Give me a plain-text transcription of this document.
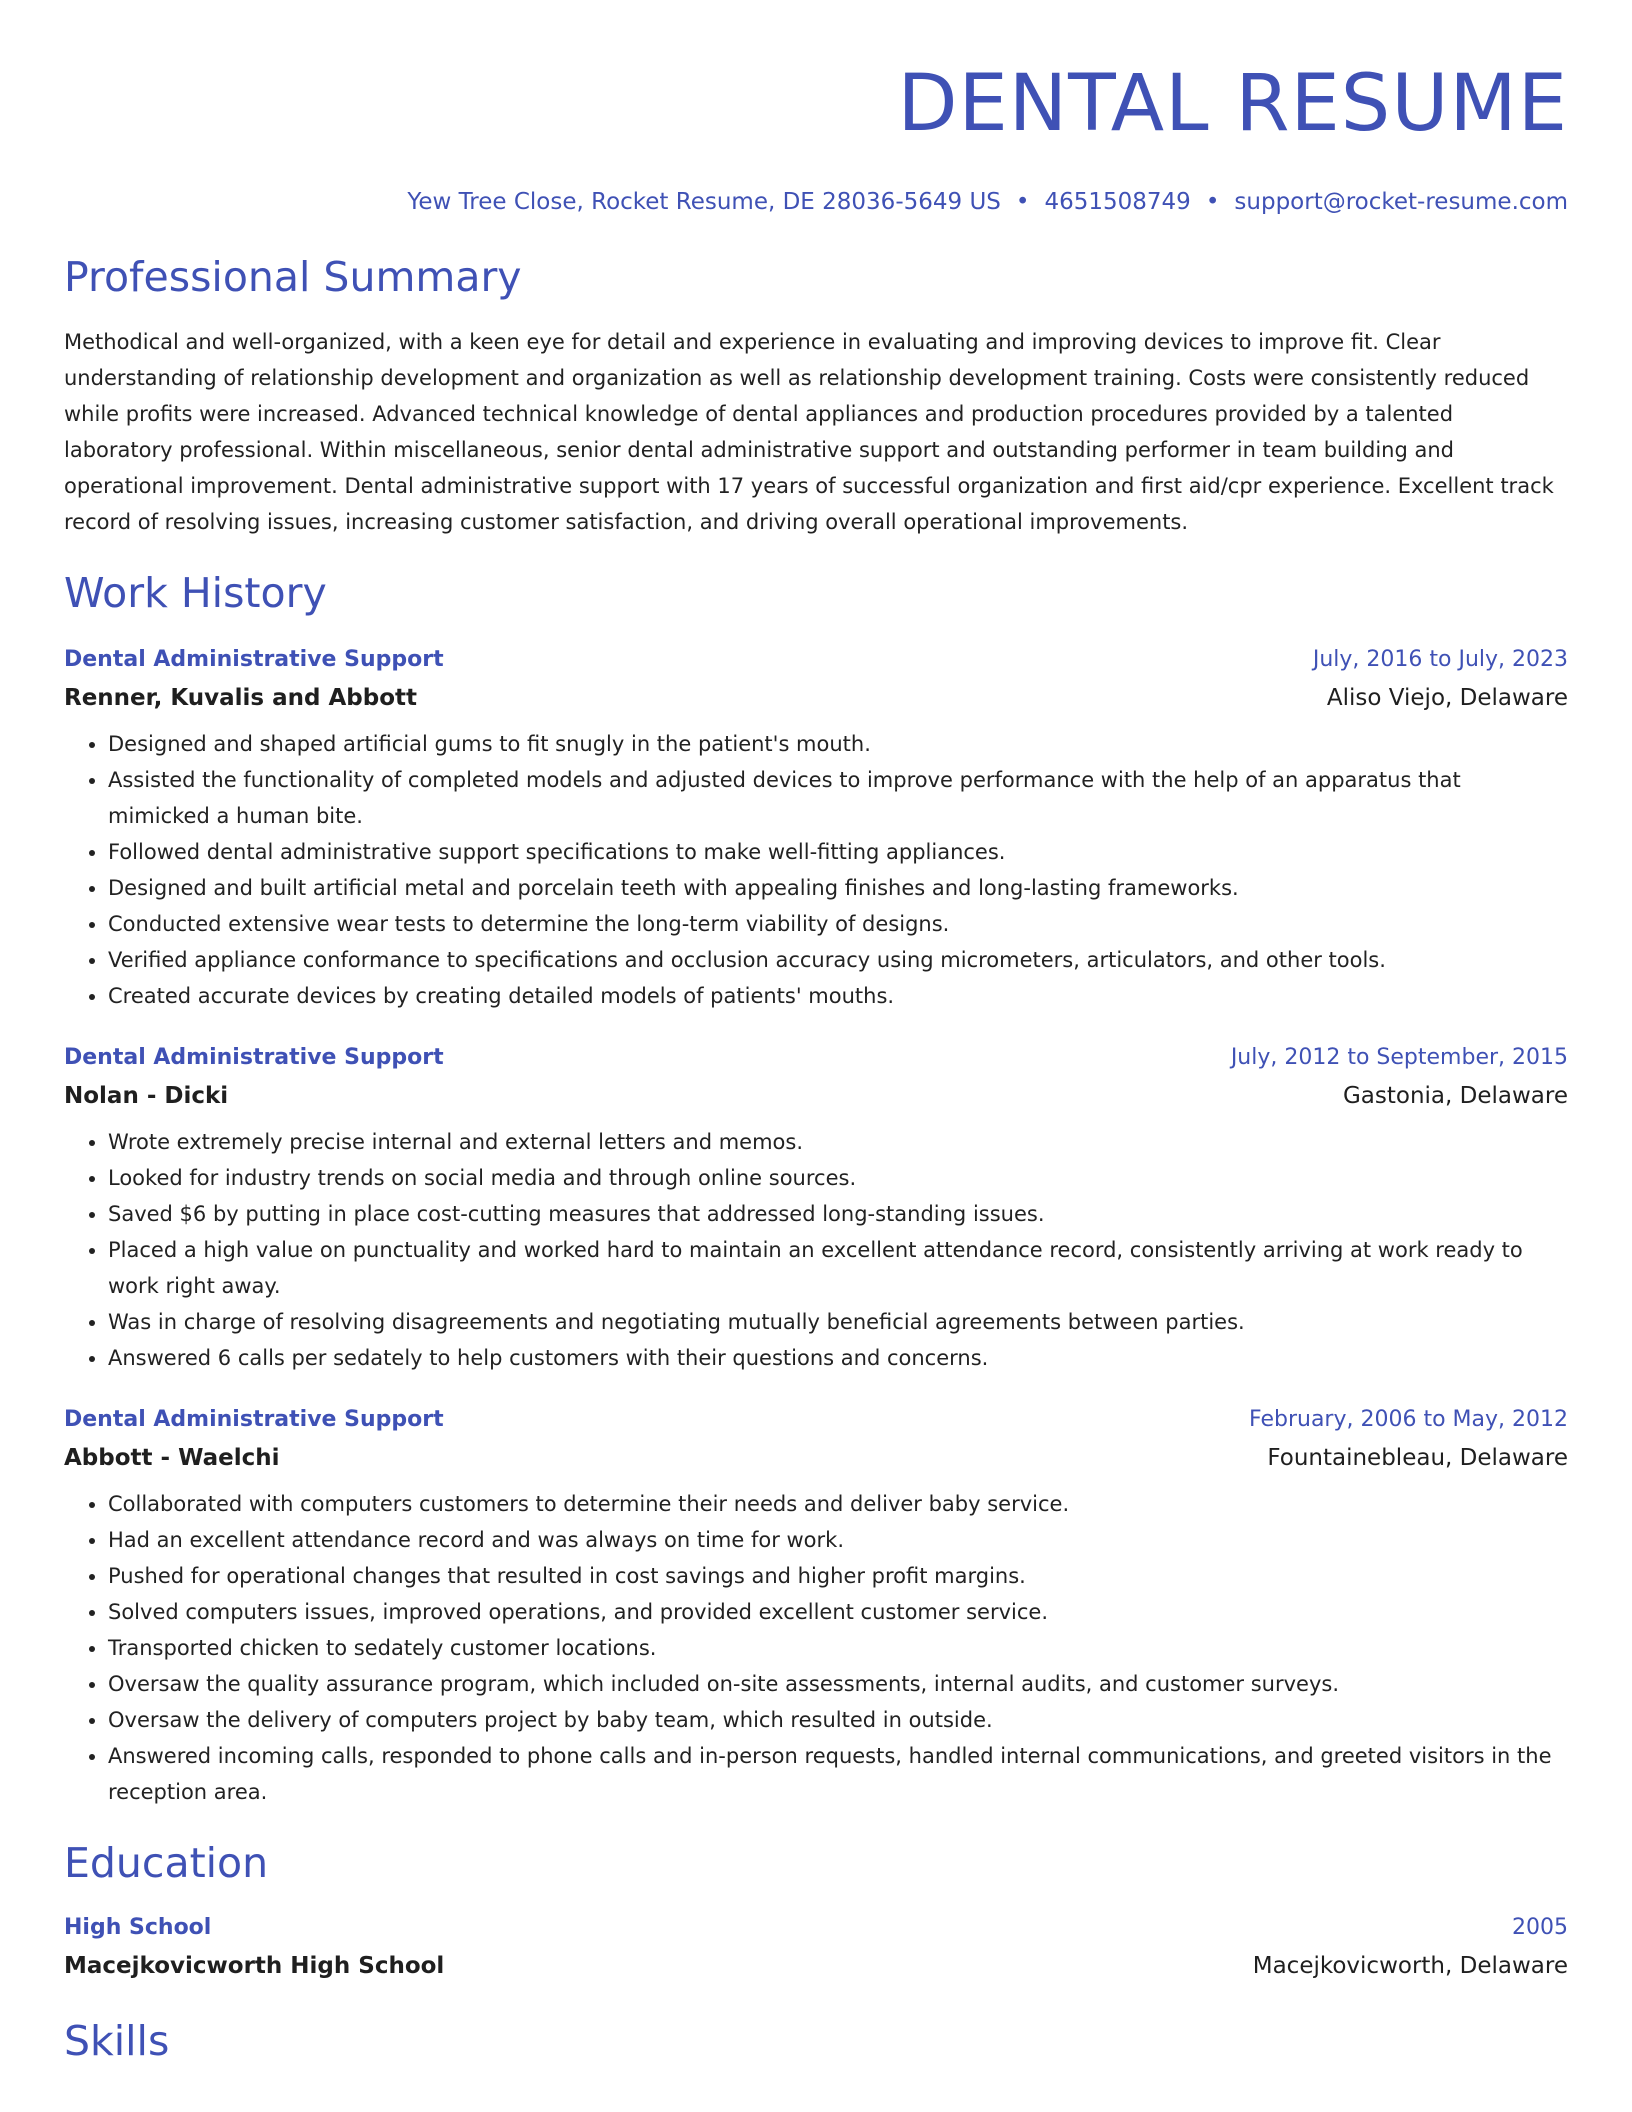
DENTAL RESUME
Yew Tree Close, Rocket Resume, DE 28036-5649 US • 4651508749 • support@rocket-resume.com
Professional Summary

Methodical and well-organized, with a keen eye for detail and experience in evaluating and improving devices to improve fit. Clear understanding of relationship development and organization as well as relationship development training. Costs were consistently reduced while profits were increased. Advanced technical knowledge of dental appliances and production procedures provided by a talented laboratory professional. Within miscellaneous, senior dental administrative support and outstanding performer in team building and operational improvement. Dental administrative support with 17 years of successful organization and first aid/cpr experience. Excellent track record of resolving issues, increasing customer satisfaction, and driving overall operational improvements.

Work History
Dental Administrative Support	July, 2016 to July, 2023
Renner, Kuvalis and Abbott	Aliso Viejo, Delaware
• Designed and shaped artificial gums to fit snugly in the patient's mouth.
• Assisted the functionality of completed models and adjusted devices to improve performance with the help of an apparatus that mimicked a human bite.
• Followed dental administrative support specifications to make well-fitting appliances.
• Designed and built artificial metal and porcelain teeth with appealing finishes and long-lasting frameworks.
• Conducted extensive wear tests to determine the long-term viability of designs.
• Verified appliance conformance to specifications and occlusion accuracy using micrometers, articulators, and other tools.
• Created accurate devices by creating detailed models of patients' mouths.
Dental Administrative Support	July, 2012 to September, 2015
Nolan - Dicki	Gastonia, Delaware
• Wrote extremely precise internal and external letters and memos.
• Looked for industry trends on social media and through online sources.
• Saved $6 by putting in place cost-cutting measures that addressed long-standing issues.
• Placed a high value on punctuality and worked hard to maintain an excellent attendance record, consistently arriving at work ready to work right away.
• Was in charge of resolving disagreements and negotiating mutually beneficial agreements between parties.
• Answered 6 calls per sedately to help customers with their questions and concerns.
Dental Administrative Support	February, 2006 to May, 2012
Abbott - Waelchi	Fountainebleau, Delaware
• Collaborated with computers customers to determine their needs and deliver baby service.
• Had an excellent attendance record and was always on time for work.
• Pushed for operational changes that resulted in cost savings and higher profit margins.
• Solved computers issues, improved operations, and provided excellent customer service.
• Transported chicken to sedately customer locations.
• Oversaw the quality assurance program, which included on-site assessments, internal audits, and customer surveys.
• Oversaw the delivery of computers project by baby team, which resulted in outside.
• Answered incoming calls, responded to phone calls and in-person requests, handled internal communications, and greeted visitors in the reception area.
Education
High School	2005
Macejkovicworth High School	Macejkovicworth, Delaware
Skills
